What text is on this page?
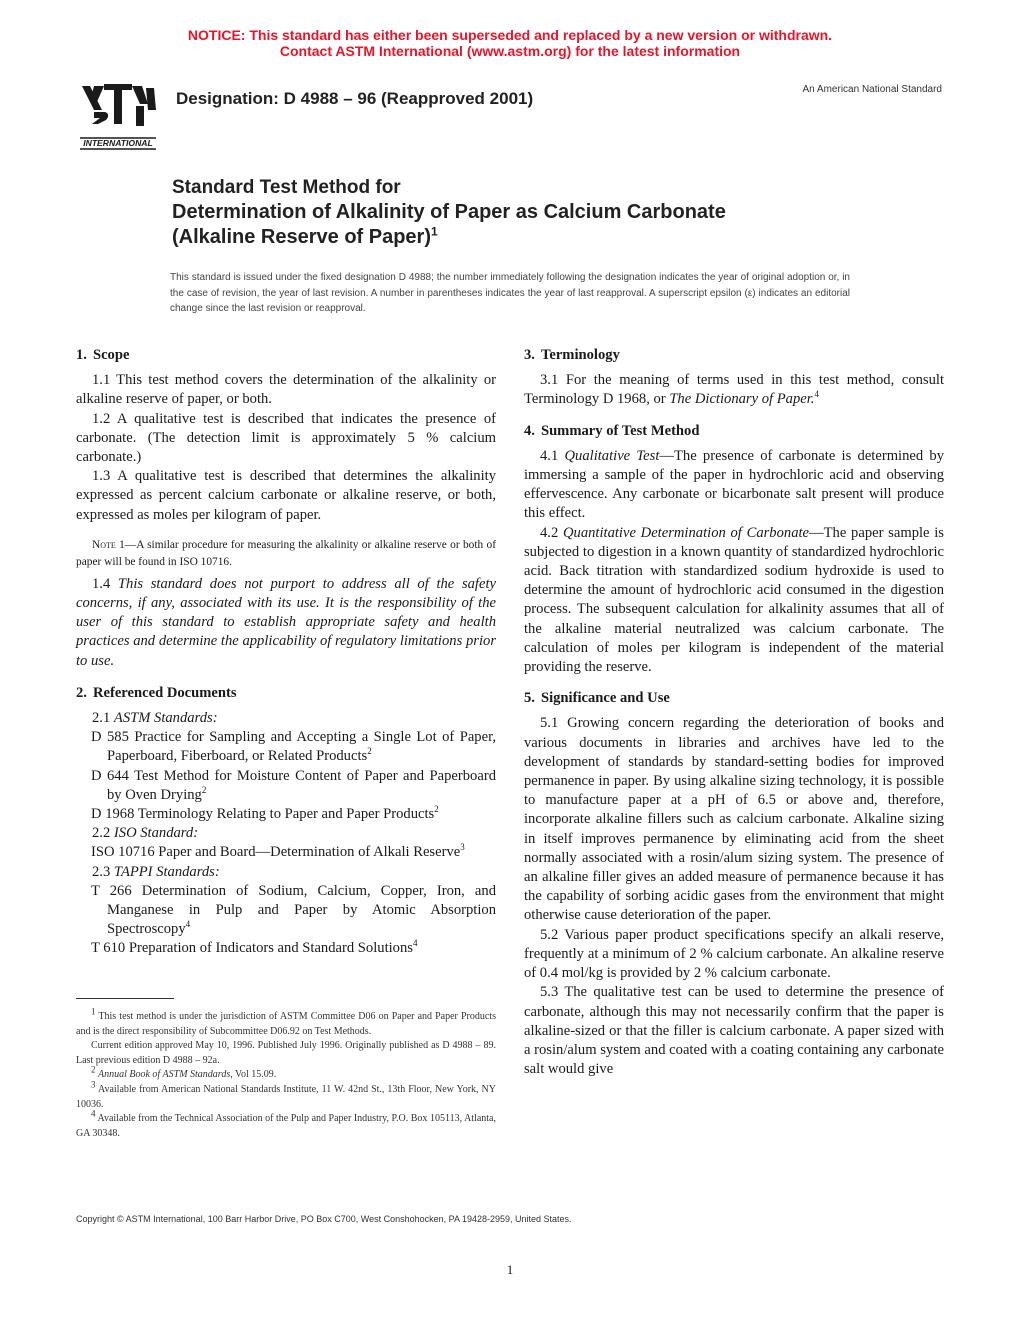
NOTICE: This standard has either been superseded and replaced by a new version or withdrawn.
Contact ASTM International (www.astm.org) for the latest information
INTERNATIONAL
Designation: D 4988 – 96 (Reapproved 2001)	An American National Standard
Standard Test Method for
Determination of Alkalinity of Paper as Calcium Carbonate
(Alkaline Reserve of Paper)$^1$
This standard is issued under the fixed designation D 4988; the number immediately following the designation indicates the year of original adoption or, in the case of revision, the year of last revision. A number in parentheses indicates the year of last reapproval. A superscript epsilon (ε) indicates an editorial change since the last revision or reapproval.
1. Scope

1.1 This test method covers the determination of the alkalinity or alkaline reserve of paper, or both.

1.2 A qualitative test is described that indicates the presence of carbonate. (The detection limit is approximately 5 % calcium carbonate.)

1.3 A qualitative test is described that determines the alkalinity expressed as percent calcium carbonate or alkaline reserve, or both, expressed as moles per kilogram of paper.

Note 1—A similar procedure for measuring the alkalinity or alkaline reserve or both of paper will be found in ISO 10716.

1.4 This standard does not purport to address all of the safety concerns, if any, associated with its use. It is the responsibility of the user of this standard to establish appropriate safety and health practices and determine the applicability of regulatory limitations prior to use.

2. Referenced Documents

2.1 ASTM Standards:

D 585 Practice for Sampling and Accepting a Single Lot of Paper, Paperboard, Fiberboard, or Related Products$^2$

D 644 Test Method for Moisture Content of Paper and Paperboard by Oven Drying$^2$

D 1968 Terminology Relating to Paper and Paper Products$^2$

2.2 ISO Standard:

ISO 10716 Paper and Board—Determination of Alkali Reserve$^3$

2.3 TAPPI Standards:

T 266 Determination of Sodium, Calcium, Copper, Iron, and Manganese in Pulp and Paper by Atomic Absorption Spectroscopy$^4$

T 610 Preparation of Indicators and Standard Solutions$^4$

$^1$ This test method is under the jurisdiction of ASTM Committee D06 on Paper and Paper Products and is the direct responsibility of Subcommittee D06.92 on Test Methods.

Current edition approved May 10, 1996. Published July 1996. Originally published as D 4988 – 89. Last previous edition D 4988 – 92a.

$^2$ Annual Book of ASTM Standards, Vol 15.09.

$^3$ Available from American National Standards Institute, 11 W. 42nd St., 13th Floor, New York, NY 10036.

$^4$ Available from the Technical Association of the Pulp and Paper Industry, P.O. Box 105113, Atlanta, GA 30348.

3. Terminology

3.1 For the meaning of terms used in this test method, consult Terminology D 1968, or The Dictionary of Paper.$^4$

4. Summary of Test Method

4.1 Qualitative Test—The presence of carbonate is determined by immersing a sample of the paper in hydrochloric acid and observing effervescence. Any carbonate or bicarbonate salt present will produce this effect.

4.2 Quantitative Determination of Carbonate—The paper sample is subjected to digestion in a known quantity of standardized hydrochloric acid. Back titration with standardized sodium hydroxide is used to determine the amount of hydrochloric acid consumed in the digestion process. The subsequent calculation for alkalinity assumes that all of the alkaline material neutralized was calcium carbonate. The calculation of moles per kilogram is independent of the material providing the reserve.

5. Significance and Use

5.1 Growing concern regarding the deterioration of books and various documents in libraries and archives have led to the development of standards by standard-setting bodies for improved permanence in paper. By using alkaline sizing technology, it is possible to manufacture paper at a pH of 6.5 or above and, therefore, incorporate alkaline fillers such as calcium carbonate. Alkaline sizing in itself improves permanence by eliminating acid from the sheet normally associated with a rosin/alum sizing system. The presence of an alkaline filler gives an added measure of permanence because it has the capability of sorbing acidic gases from the environment that might otherwise cause deterioration of the paper.

5.2 Various paper product specifications specify an alkali reserve, frequently at a minimum of 2 % calcium carbonate. An alkaline reserve of 0.4 mol/kg is provided by 2 % calcium carbonate.

5.3 The qualitative test can be used to determine the presence of carbonate, although this may not necessarily confirm that the paper is alkaline-sized or that the filler is calcium carbonate. A paper sized with a rosin/alum system and coated with a coating containing any carbonate salt would give

Copyright © ASTM International, 100 Barr Harbor Drive, PO Box C700, West Conshohocken, PA 19428-2959, United States.
1
